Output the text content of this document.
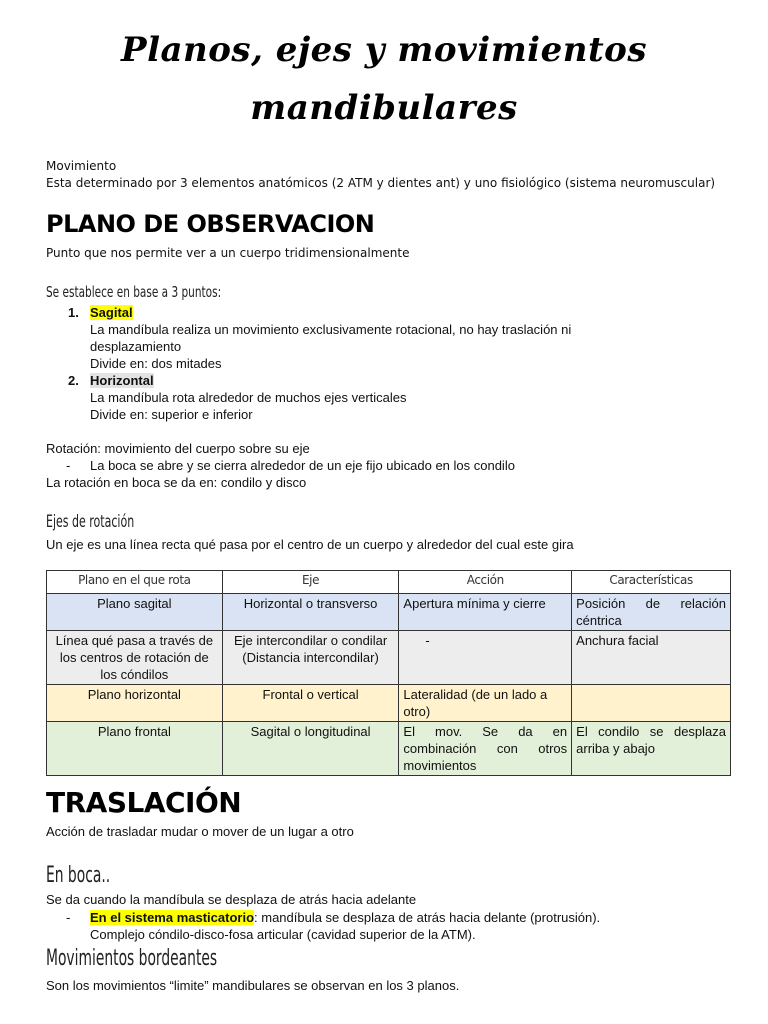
Planos, ejes y movimientos
mandibulares
Movimiento
Esta determinado por 3 elementos anatómicos (2 ATM y dientes ant) y uno fisiológico (sistema neuromuscular)
PLANO DE OBSERVACION
Punto que nos permite ver a un cuerpo tridimensionalmente
Se establece en base a 3 puntos:
1. Sagital
La mandíbula realiza un movimiento exclusivamente rotacional, no hay traslación ni
desplazamiento
Divide en: dos mitades
2. Horizontal
La mandíbula rota alrededor de muchos ejes verticales
Divide en: superior e inferior
Rotación: movimiento del cuerpo sobre su eje
- La boca se abre y se cierra alrededor de un eje fijo ubicado en los condilo
La rotación en boca se da en: condilo y disco
Ejes de rotación
Un eje es una línea recta qué pasa por el centro de un cuerpo y alrededor del cual este gira
Plano en el que rota	Eje	Acción	Características
Plano sagital	Horizontal o transverso	Apertura mínima y cierre	Posición de relación céntrica
Línea qué pasa a través de los centros de rotación de los cóndilos	Eje intercondilar o condilar (Distancia intercondilar)	-	Anchura facial
Plano horizontal	Frontal o vertical	Lateralidad (de un lado a otro)	
Plano frontal	Sagital o longitudinal	El mov. Se da en combinación con otros movimientos	El condilo se desplaza arriba y abajo
TRASLACIÓN
Acción de trasladar mudar o mover de un lugar a otro
En boca..
Se da cuando la mandíbula se desplaza de atrás hacia adelante
- En el sistema masticatorio: mandíbula se desplaza de atrás hacia delante (protrusión).
Complejo cóndilo-disco-fosa articular (cavidad superior de la ATM).
Movimientos bordeantes
Son los movimientos “limite” mandibulares se observan en los 3 planos.
